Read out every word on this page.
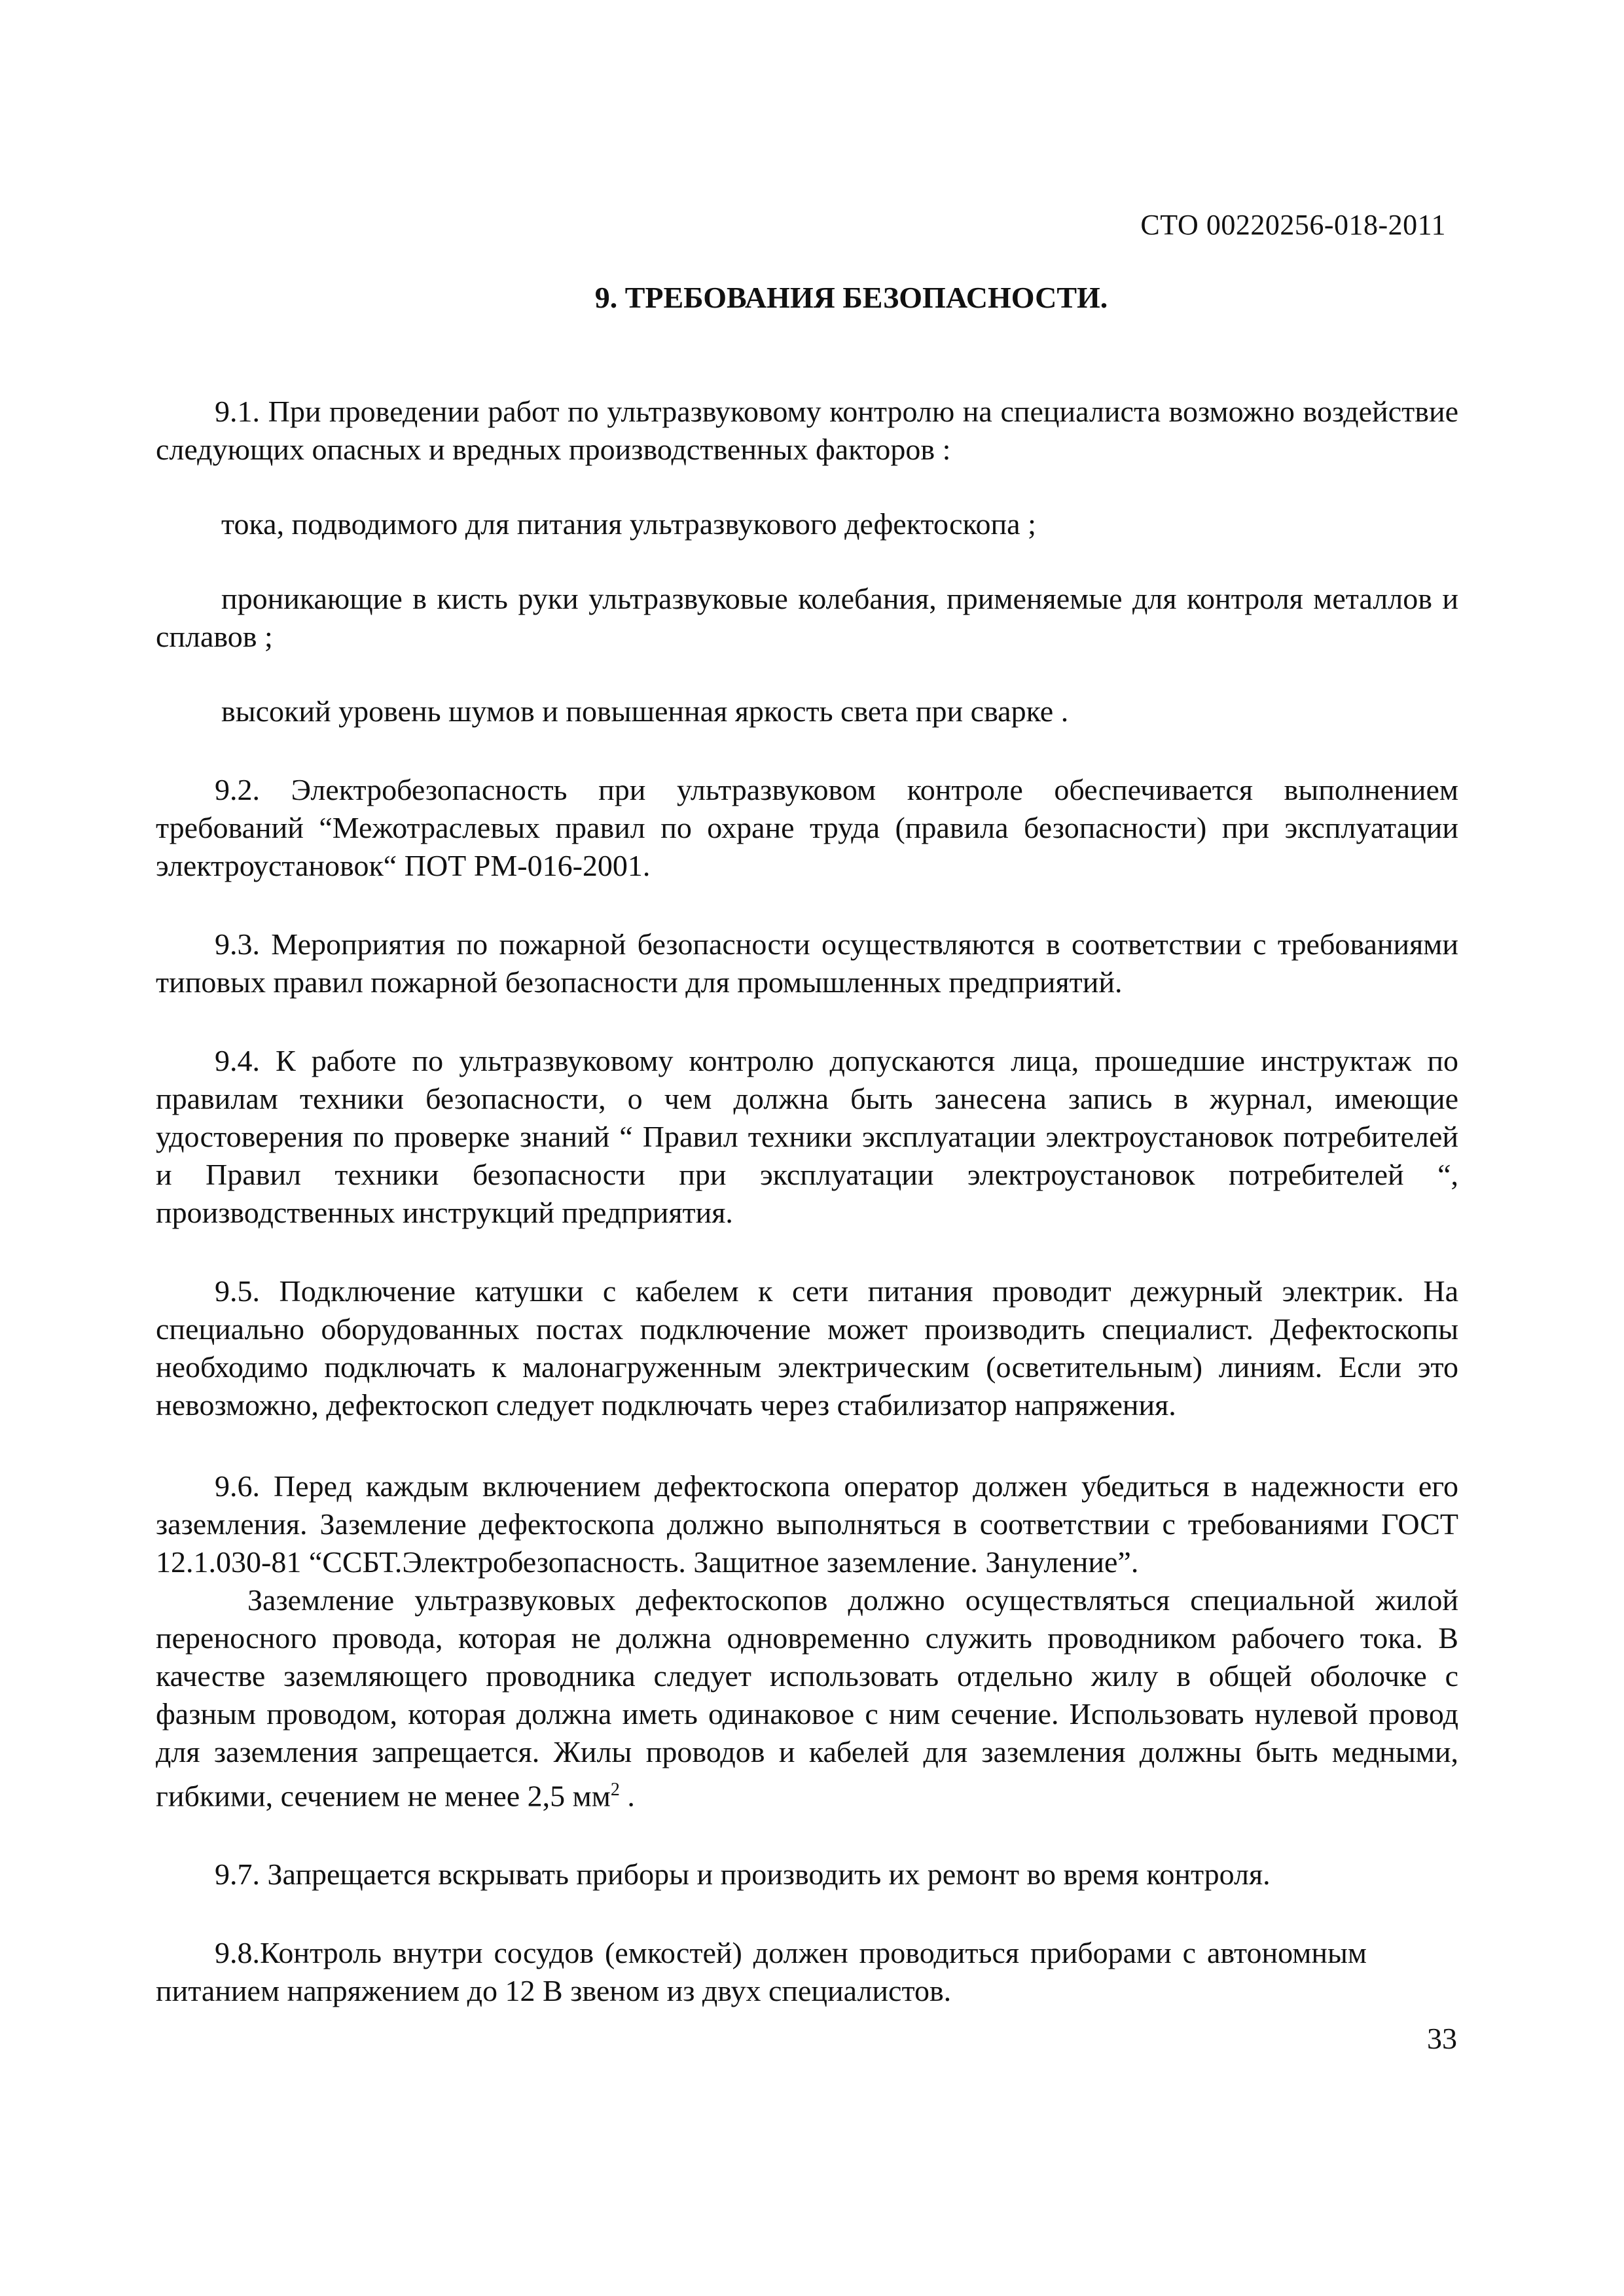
СТО 00220256-018-2011
9. ТРЕБОВАНИЯ БЕЗОПАСНОСТИ.

9.1. При проведении работ по ультразвуковому контролю на специалиста возможно воздействие следующих опасных и вредных производственных факторов :

тока, подводимого для питания ультразвукового дефектоскопа ;

проникающие в кисть руки ультразвуковые колебания, применяемые для контроля металлов и сплавов ;

высокий уровень шумов и повышенная яркость света при сварке .

9.2. Электробезопасность при ультразвуковом контроле обеспечивается выполнением требований “Межотраслевых правил по охране труда (правила безопасности) при эксплуатации электроустановок“ ПОТ РМ-016-2001.

9.3. Мероприятия по пожарной безопасности осуществляются в соответствии с требованиями типовых правил пожарной безопасности для промышленных предприятий.

9.4. К работе по ультразвуковому контролю допускаются лица, прошедшие инструктаж по правилам техники безопасности, о чем должна быть занесена запись в журнал, имеющие удостоверения по проверке знаний “ Правил техники эксплуатации электроустановок потребителей и Правил техники безопасности при эксплуатации электроустановок потребителей “, производственных инструкций предприятия.

9.5. Подключение катушки с кабелем к сети питания проводит дежурный электрик. На специально оборудованных постах подключение может производить специалист. Дефектоскопы необходимо подключать к малонагруженным электрическим (осветительным) линиям. Если это невозможно, дефектоскоп следует подключать через стабилизатор напряжения.

9.6. Перед каждым включением дефектоскопа оператор должен убедиться в надежности его заземления. Заземление дефектоскопа должно выполняться в соответствии с требованиями ГОСТ 12.1.030-81 “ССБТ.Электробезопасность. Защитное заземление. Зануление”.

Заземление ультразвуковых дефектоскопов должно осуществляться специальной жилой переносного провода, которая не должна одновременно служить проводником рабочего тока. В качестве заземляющего проводника следует использовать отдельно жилу в общей оболочке с фазным проводом, которая должна иметь одинаковое с ним сечение. Использовать нулевой провод для заземления запрещается. Жилы проводов и кабелей для заземления должны быть медными, гибкими, сечением не менее 2,5 $мм^2$ .

9.7. Запрещается вскрывать приборы и производить их ремонт во время контроля.

9.8.Контроль внутри сосудов (емкостей) должен проводиться приборами с автономным питанием напряжением до 12 В звеном из двух специалистов.

33
